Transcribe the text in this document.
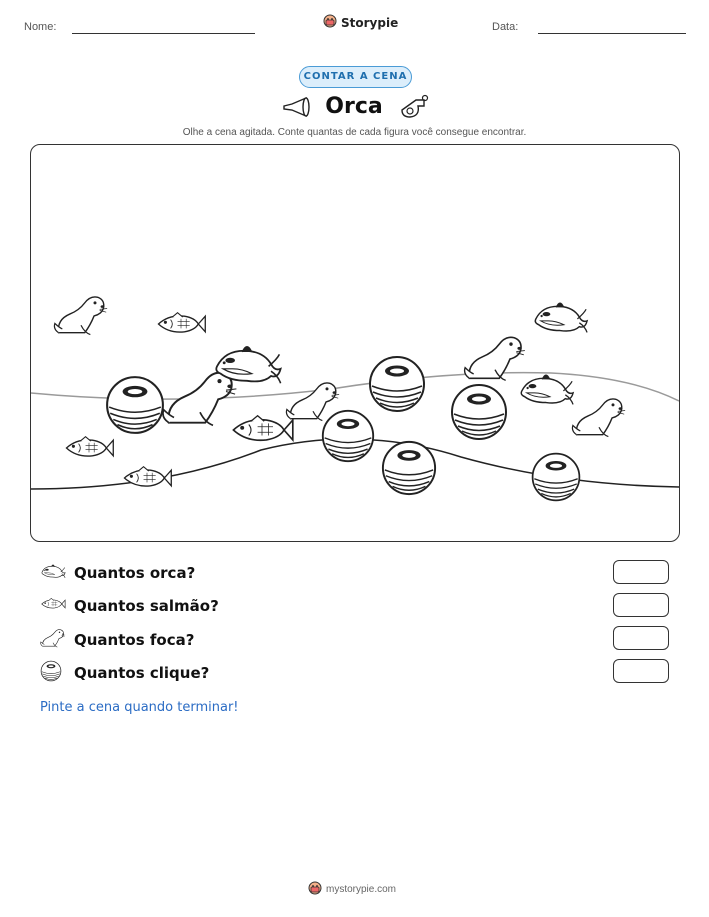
Nome:	Storypie	Data:
CONTAR A CENA
Orca
Olhe a cena agitada. Conte quantas de cada figura você consegue encontrar.
Quantos orca?
Quantos salmão?
Quantos foca?
Quantos clique?
Pinte a cena quando terminar!
mystorypie.com
